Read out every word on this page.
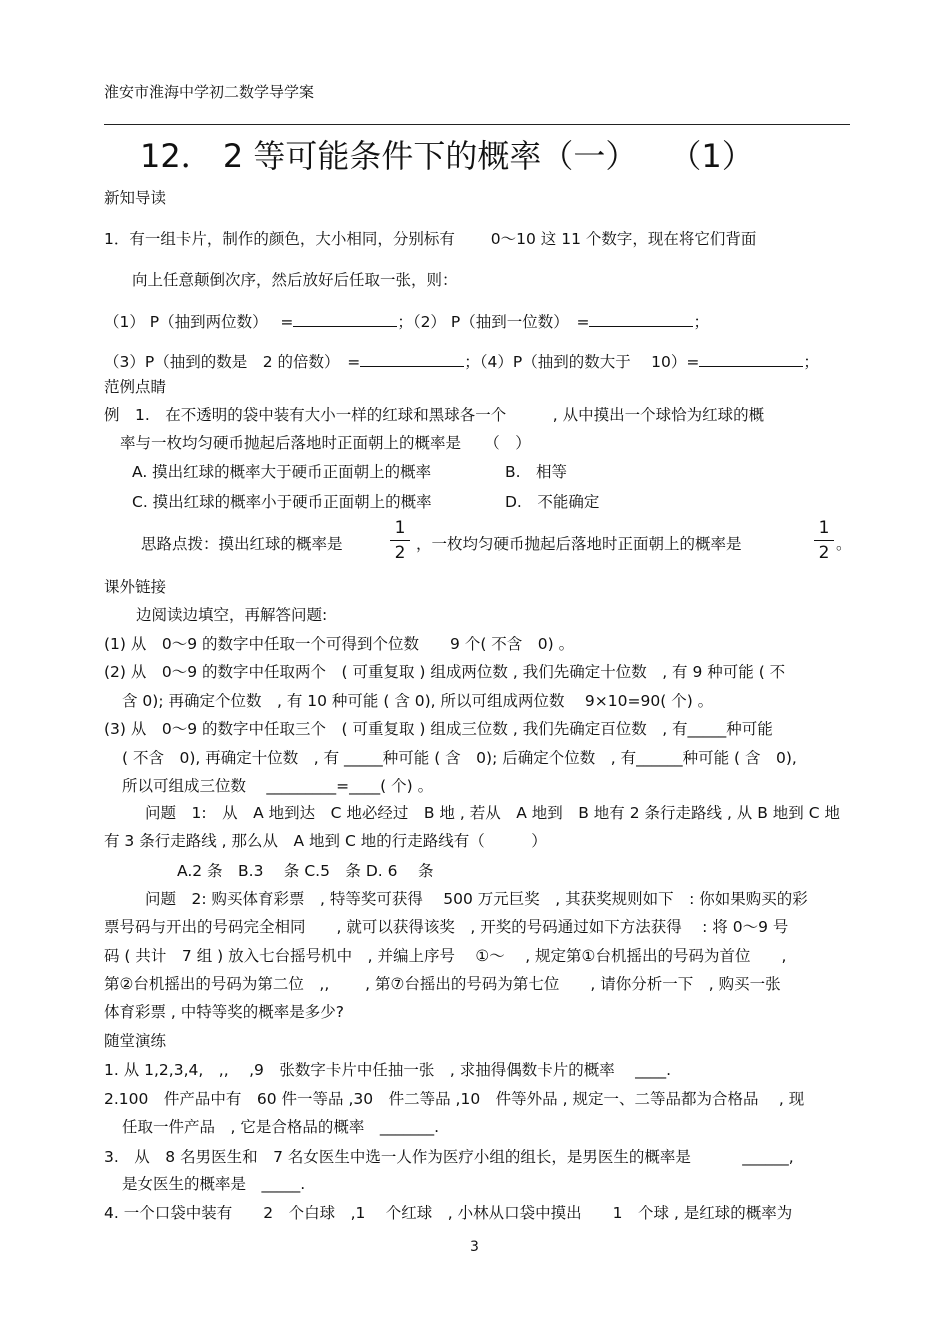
淮安市淮海中学初二数学导学案
12． 2 等可能条件下的概率（一）　　（1）
新知导读
1．有一组卡片，制作的颜色，大小相同，分别标有　　 0～10 这 11 个数字，现在将它们背面
向上任意颠倒次序，然后放好后任取一张，则：
（1） P（抽到两位数）　 =	；（2） P（抽到一位数）　=	；
（3）P（抽到的数是　2 的倍数）　=	；（4）P（抽到的数大于　 10）=	；
范例点睛
例　1.　在不透明的袋中装有大小一样的红球和黑球各一个　　　, 从中摸出一个球恰为红球的概
率与一枚均匀硬币抛起后落地时正面朝上的概率是　　（　）
A. 摸出红球的概率大于硬币正面朝上的概率	B.　相等
C. 摸出红球的概率小于硬币正面朝上的概率	D.　不能确定
思路点拨：摸出红球的概率是
1
2 ，一枚均匀硬币抛起后落地时正面朝上的概率是
1
2 。
课外链接
边阅读边填空，再解答问题:
(1) 从　0～9 的数字中任取一个可得到个位数　　9 个( 不含　0) 。
(2) 从　0～9 的数字中任取两个　( 可重复取 ) 组成两位数 , 我们先确定十位数　, 有 9 种可能 ( 不
含 0); 再确定个位数　, 有 10 种可能 ( 含 0), 所以可组成两位数　 9×10=90( 个) 。
(3) 从　0～9 的数字中任取三个　( 可重复取 ) 组成三位数 , 我们先确定百位数　, 有_____种可能
( 不含　0), 再确定十位数　, 有 _____种可能 ( 含　0); 后确定个位数　, 有______种可能 ( 含　0),
所以可组成三位数　 _________=____( 个) 。
问题　1:　从　A 地到达　C 地必经过　B 地 , 若从　A 地到　B 地有 2 条行走路线 , 从 B 地到 C 地
有 3 条行走路线 , 那么从　A 地到 C 地的行走路线有（　　　）
A.2 条　B.3　 条 C.5　条 D. 6　 条
问题　2: 购买体育彩票　, 特等奖可获得　 500 万元巨奖　, 其获奖规则如下　: 你如果购买的彩
票号码与开出的号码完全相同　　, 就可以获得该奖　, 开奖的号码通过如下方法获得　 : 将 0～9 号
码 ( 共计　7 组 ) 放入七台摇号机中　, 并编上序号　 ①～　 , 规定第①台机摇出的号码为首位　　,
第②台机摇出的号码为第二位　,,　　 , 第⑦台摇出的号码为第七位　　, 请你分析一下　, 购买一张
体育彩票 , 中特等奖的概率是多少?
随堂演练
1. 从 1,2,3,4,　,,　 ,9　张数字卡片中任抽一张　, 求抽得偶数卡片的概率　 ____.
2.100　件产品中有　60 件一等品 ,30　件二等品 ,10　件等外品 , 规定一、二等品都为合格品　 , 现
任取一件产品　, 它是合格品的概率　_______.
3.　从　8 名男医生和　7 名女医生中选一人作为医疗小组的组长，是男医生的概率是　　　 ______,
是女医生的概率是　_____.
4. 一个口袋中装有　　2　个白球　,1　 个红球　, 小林从口袋中摸出　　1　个球 , 是红球的概率为
3
